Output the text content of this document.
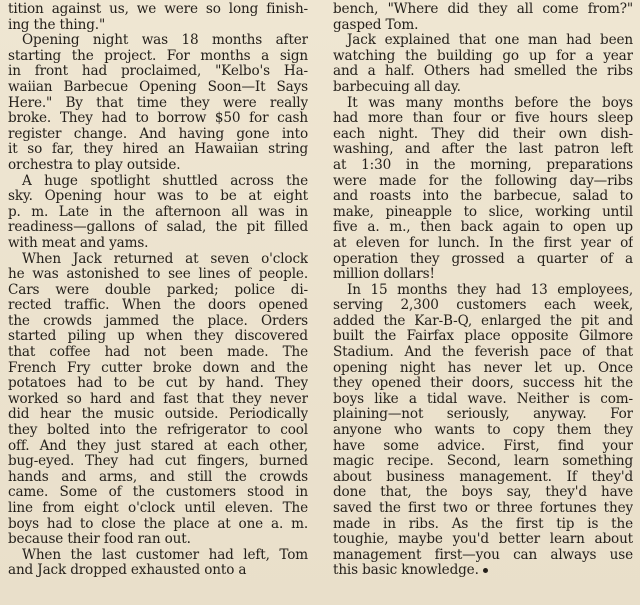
tition against us, we were so long finish-
ing the thing."

Opening night was 18 months after
starting the project. For months a sign
in front had proclaimed, "Kelbo's Ha-
waiian Barbecue Opening Soon—It Says
Here." By that time they were really
broke. They had to borrow $50 for cash
register change. And having gone into
it so far, they hired an Hawaiian string
orchestra to play outside.

A huge spotlight shuttled across the
sky. Opening hour was to be at eight
p. m. Late in the afternoon all was in
readiness—gallons of salad, the pit filled
with meat and yams.

When Jack returned at seven o'clock
he was astonished to see lines of people.
Cars were double parked; police di-
rected traffic. When the doors opened
the crowds jammed the place. Orders
started piling up when they discovered
that coffee had not been made. The
French Fry cutter broke down and the
potatoes had to be cut by hand. They
worked so hard and fast that they never
did hear the music outside. Periodically
they bolted into the refrigerator to cool
off. And they just stared at each other,
bug-eyed. They had cut fingers, burned
hands and arms, and still the crowds
came. Some of the customers stood in
line from eight o'clock until eleven. The
boys had to close the place at one a. m.
because their food ran out.

When the last customer had left, Tom
and Jack dropped exhausted onto a

bench, "Where did they all come from?"
gasped Tom.

Jack explained that one man had been
watching the building go up for a year
and a half. Others had smelled the ribs
barbecuing all day.

It was many months before the boys
had more than four or five hours sleep
each night. They did their own dish-
washing, and after the last patron left
at 1:30 in the morning, preparations
were made for the following day—ribs
and roasts into the barbecue, salad to
make, pineapple to slice, working until
five a. m., then back again to open up
at eleven for lunch. In the first year of
operation they grossed a quarter of a
million dollars!

In 15 months they had 13 employees,
serving 2,300 customers each week,
added the Kar-B-Q, enlarged the pit and
built the Fairfax place opposite Gilmore
Stadium. And the feverish pace of that
opening night has never let up. Once
they opened their doors, success hit the
boys like a tidal wave. Neither is com-
plaining—not seriously, anyway. For
anyone who wants to copy them they
have some advice. First, find your
magic recipe. Second, learn something
about business management. If they'd
done that, the boys say, they'd have
saved the first two or three fortunes they
made in ribs. As the first tip is the
toughie, maybe you'd better learn about
management first—you can always use
this basic knowledge.
